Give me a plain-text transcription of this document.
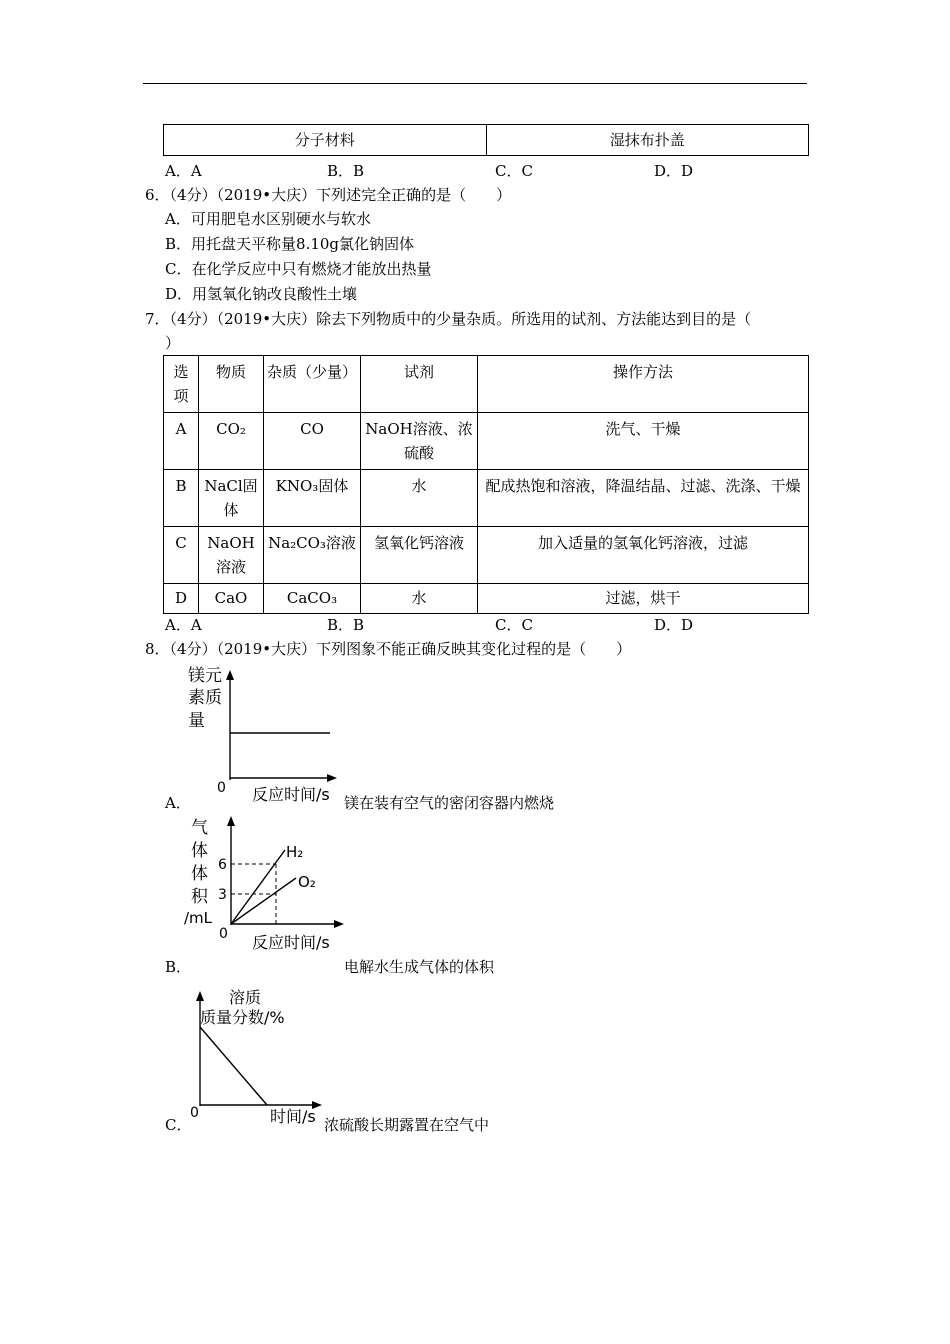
分子材料	湿抹布扑盖
A．A	B．B	C．C	D．D
6．（4分）（2019•大庆）下列述完全正确的是（　　）
A．可用肥皂水区别硬水与软水
B．用托盘天平称量8.10g氯化钠固体
C．在化学反应中只有燃烧才能放出热量
D．用氢氧化钠改良酸性土壤
7．（4分）（2019•大庆）除去下列物质中的少量杂质。所选用的试剂、方法能达到目的是（
）
选项	物质	杂质（少量）	试剂	操作方法
A	CO₂	CO	NaOH溶液、浓硫酸	洗气、干燥
B	NaCl固体	KNO₃固体	水	配成热饱和溶液，降温结晶、过滤、洗涤、干燥
C	NaOH溶液	Na₂CO₃溶液	氢氧化钙溶液	加入适量的氢氧化钙溶液，过滤
D	CaO	CaCO₃	水	过滤，烘干
A．A	B．B	C．C	D．D
8．（4分）（2019•大庆）下列图象不能正确反映其变化过程的是（　　）
镁元
素质
量
0 反应时间/s
A．	镁在装有空气的密闭容器内燃烧
气
体
体
积
/mL
6
3
0
H₂
O₂
反应时间/s
B．	电解水生成气体的体积
溶质
质量分数/%
0	时间/s
C．	浓硫酸长期露置在空气中
